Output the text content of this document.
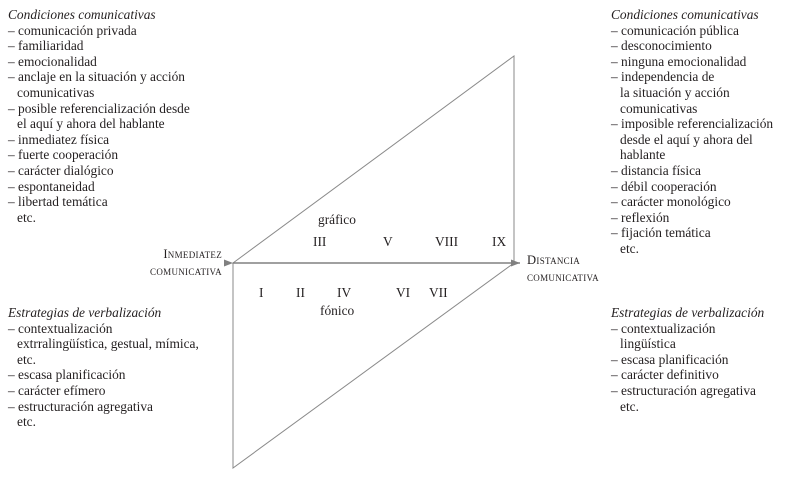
Condiciones comunicativas
– comunicación privada
– familiaridad
– emocionalidad
– anclaje en la situación y acción
comunicativas
– posible referencialización desde
el aquí y ahora del hablante
– inmediatez física
– fuerte cooperación
– carácter dialógico
– espontaneidad
– libertad temática
etc.
Condiciones comunicativas
– comunicación pública
– desconocimiento
– ninguna emocionalidad
– independencia de
la situación y acción
comunicativas
– imposible referencialización
desde el aquí y ahora del
hablante
– distancia física
– débil cooperación
– carácter monológico
– reflexión
– fijación temática
etc.
Estrategias de verbalización
– contextualización
extrralingüística, gestual, mímica,
etc.
– escasa planificación
– carácter efímero
– estructuración agregativa
etc.
Estrategias de verbalización
– contextualización
lingüística
– escasa planificación
– carácter definitivo
– estructuración agregativa
etc.
Inmediatez
comunicativa
Distancia
comunicativa
gráfico
III	V	VIII	IX
I II IV	VI VII
fónico
